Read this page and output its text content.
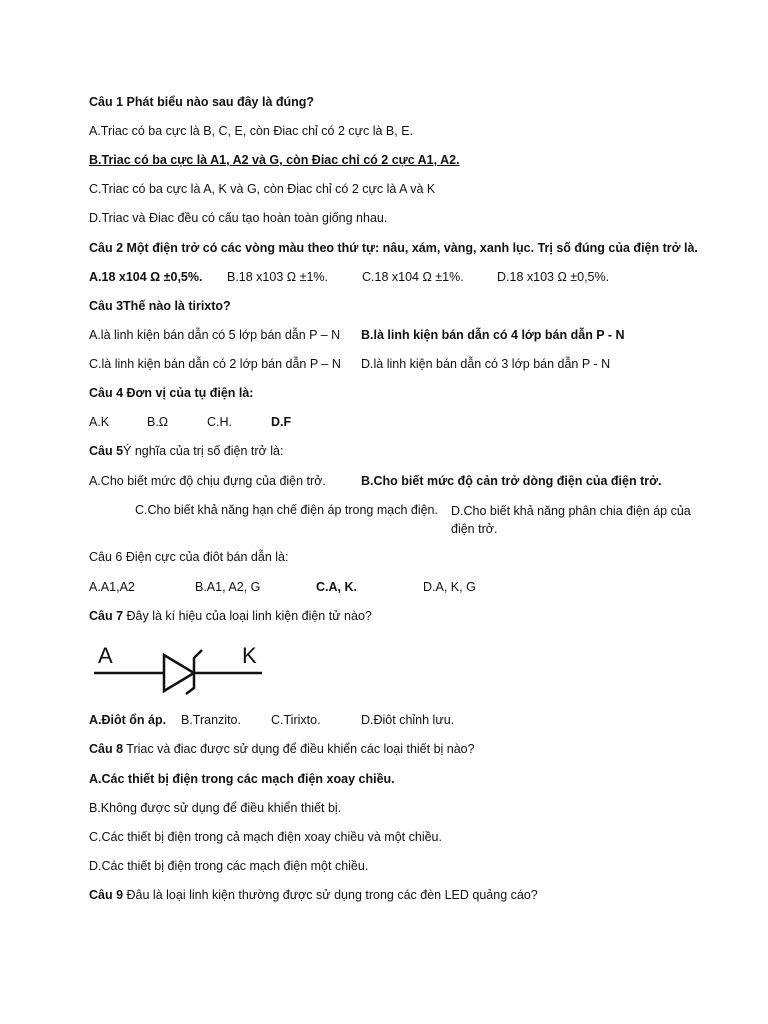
Câu 1 Phát biểu nào sau đây là đúng?
A.Triac có ba cực là B, C, E, còn Điac chỉ có 2 cực là B, E.
B.Triac có ba cực là A1, A2 và G, còn Điac chỉ có 2 cực A1, A2.
C.Triac có ba cực là A, K và G, còn Điac chỉ có 2 cực là A và K
D.Triac và Điac đều có cấu tạo hoàn toàn giống nhau.
Câu 2 Một điện trở có các vòng màu theo thứ tự: nâu, xám, vàng, xanh lục. Trị số đúng của điện trở là.
A.18 x104 Ω ±0,5%. B.18 x103 Ω ±1%.	C.18 x104 Ω ±1%.	D.18 x103 Ω ±0,5%.
Câu 3Thế nào là tirixto?
A.là linh kiện bán dẫn có 5 lớp bán dẫn P – N B.là linh kiện bán dẫn có 4 lớp bán dẫn P - N
C.là linh kiện bán dẫn có 2 lớp bán dẫn P – N D.là linh kiện bán dẫn có 3 lớp bán dẫn P - N
Câu 4 Đơn vị của tụ điện là:
A.K	B.Ω	C.H.	D.F
Câu 5Ý nghĩa của trị số điện trở là:
A.Cho biết mức độ chịu đựng của điện trở.	B.Cho biết mức độ cản trở dòng điện của điện trở.
C.Cho biết khả năng hạn chế điện áp trong mạch điện. D.Cho biết khả năng phân chia điện áp của điện trở.
Câu 6 Điện cực của điôt bán dẫn là:
A.A1,A2	B.A1, A2, G	C.A, K.	D.A, K, G
Câu 7 Đây là kí hiệu của loại linh kiện điện tử nào?
A	K
A.Điôt ổn áp. B.Tranzito. C.Tirixto.	D.Điôt chỉnh lưu.
Câu 8 Triac và điac được sử dụng để điều khiển các loại thiết bị nào?
A.Các thiết bị điện trong các mạch điện xoay chiều.
B.Không được sử dụng để điều khiển thiết bị.
C.Các thiết bị điện trong cả mạch điện xoay chiều và một chiều.
D.Các thiết bị điện trong các mạch điện một chiều.
Câu 9 Đâu là loại linh kiện thường được sử dụng trong các đèn LED quảng cáo?
